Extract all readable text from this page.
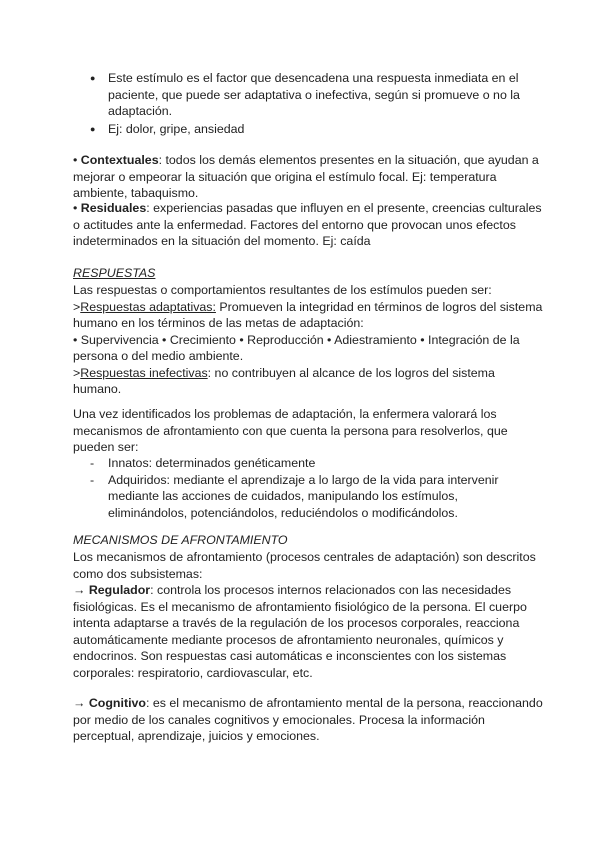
● Este estímulo es el factor que desencadena una respuesta inmediata en el paciente, que puede ser adaptativa o inefectiva, según si promueve o no la adaptación.
● Ej: dolor, gripe, ansiedad

• Contextuales: todos los demás elementos presentes en la situación, que ayudan a mejorar o empeorar la situación que origina el estímulo focal. Ej: temperatura ambiente, tabaquismo.

• Residuales: experiencias pasadas que influyen en el presente, creencias culturales o actitudes ante la enfermedad. Factores del entorno que provocan unos efectos indeterminados en la situación del momento. Ej: caída

RESPUESTAS

Las respuestas o comportamientos resultantes de los estímulos pueden ser:

>Respuestas adaptativas: Promueven la integridad en términos de logros del sistema humano en los términos de las metas de adaptación:

• Supervivencia • Crecimiento • Reproducción • Adiestramiento • Integración de la persona o del medio ambiente.

>Respuestas inefectivas: no contribuyen al alcance de los logros del sistema humano.

Una vez identificados los problemas de adaptación, la enfermera valorará los mecanismos de afrontamiento con que cuenta la persona para resolverlos, que pueden ser:

- Innatos: determinados genéticamente
- Adquiridos: mediante el aprendizaje a lo largo de la vida para intervenir mediante las acciones de cuidados, manipulando los estímulos, eliminándolos, potenciándolos, reduciéndolos o modificándolos.
MECANISMOS DE AFRONTAMIENTO

Los mecanismos de afrontamiento (procesos centrales de adaptación) son descritos como dos subsistemas:

→ Regulador: controla los procesos internos relacionados con las necesidades fisiológicas. Es el mecanismo de afrontamiento fisiológico de la persona. El cuerpo intenta adaptarse a través de la regulación de los procesos corporales, reacciona automáticamente mediante procesos de afrontamiento neuronales, químicos y endocrinos. Son respuestas casi automáticas e inconscientes con los sistemas corporales: respiratorio, cardiovascular, etc.

→ Cognitivo: es el mecanismo de afrontamiento mental de la persona, reaccionando por medio de los canales cognitivos y emocionales. Procesa la información perceptual, aprendizaje, juicios y emociones.
